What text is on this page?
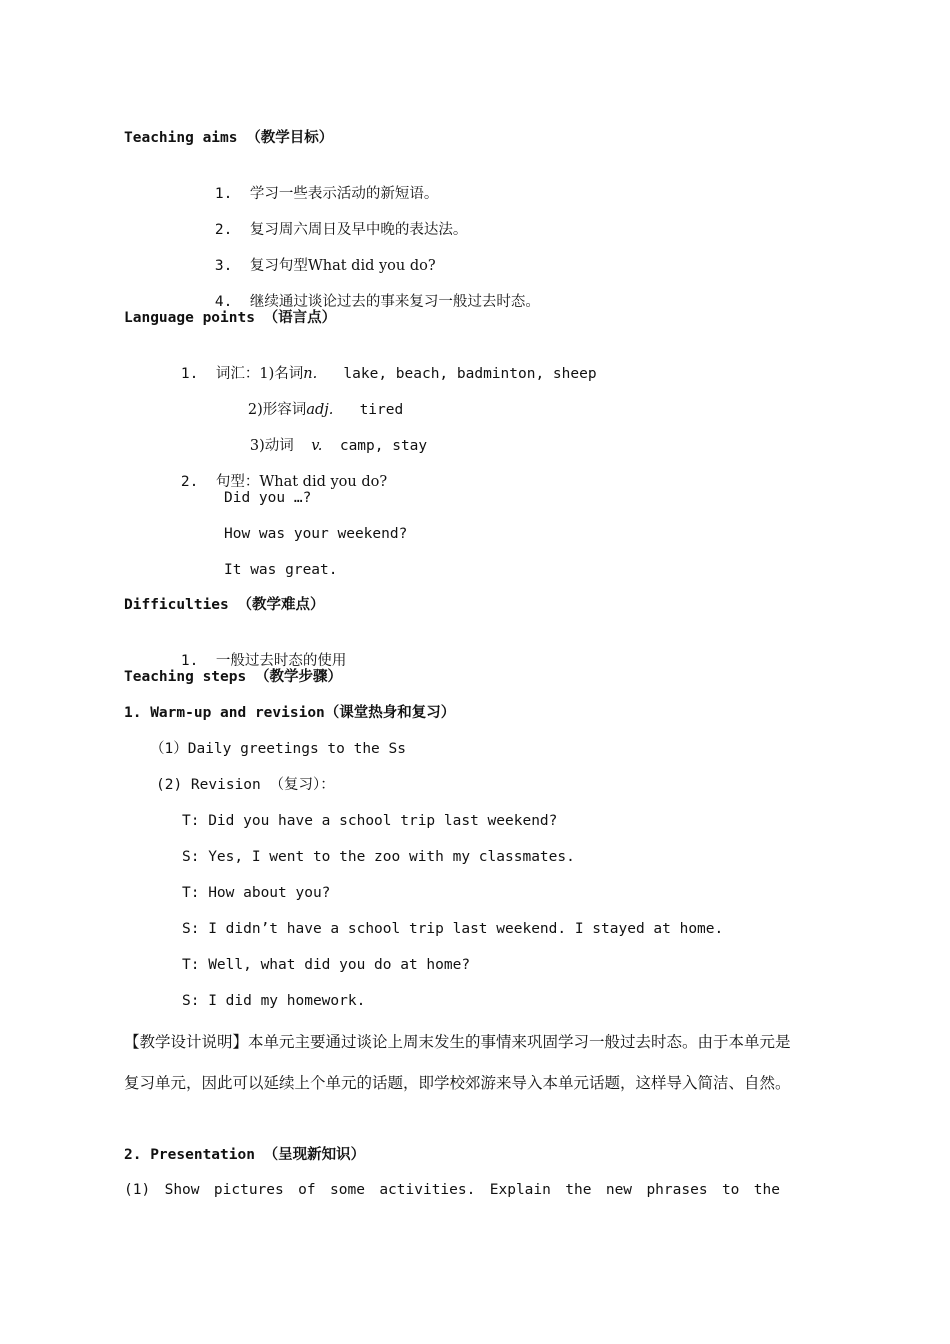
Teaching aims （教学目标）

1. 学习一些表示活动的新短语。

2. 复习周六周日及早中晚的表达法。

3. 复习句型What did you do?

4. 继续通过谈论过去的事来复习一般过去时态。

Language points （语言点）

1. 词汇：1)名词n. lake, beach, badminton, sheep

2)形容词adj. tired

3)动词 v. camp, stay

2. 句型：What did you do?

Did you …?
How was your weekend?
It was great.
Difficulties （教学难点）

1. 一般过去时态的使用

Teaching steps （教学步骤）
1. Warm-up and revision（课堂热身和复习）
（1）Daily greetings to the Ss
(2) Revision （复习）：
T: Did you have a school trip last weekend?
S: Yes, I went to the zoo with my classmates.
T: How about you?
S: I didn’t have a school trip last weekend. I stayed at home.
T: Well, what did you do at home?
S: I did my homework.
【教学设计说明】本单元主要通过谈论上周末发生的事情来巩固学习一般过去时态。由于本单元是复习单元，因此可以延续上个单元的话题，即学校郊游来导入本单元话题，这样导入简洁、自然。
2. Presentation （呈现新知识）
(1) Show pictures of some activities. Explain the new phrases to the
